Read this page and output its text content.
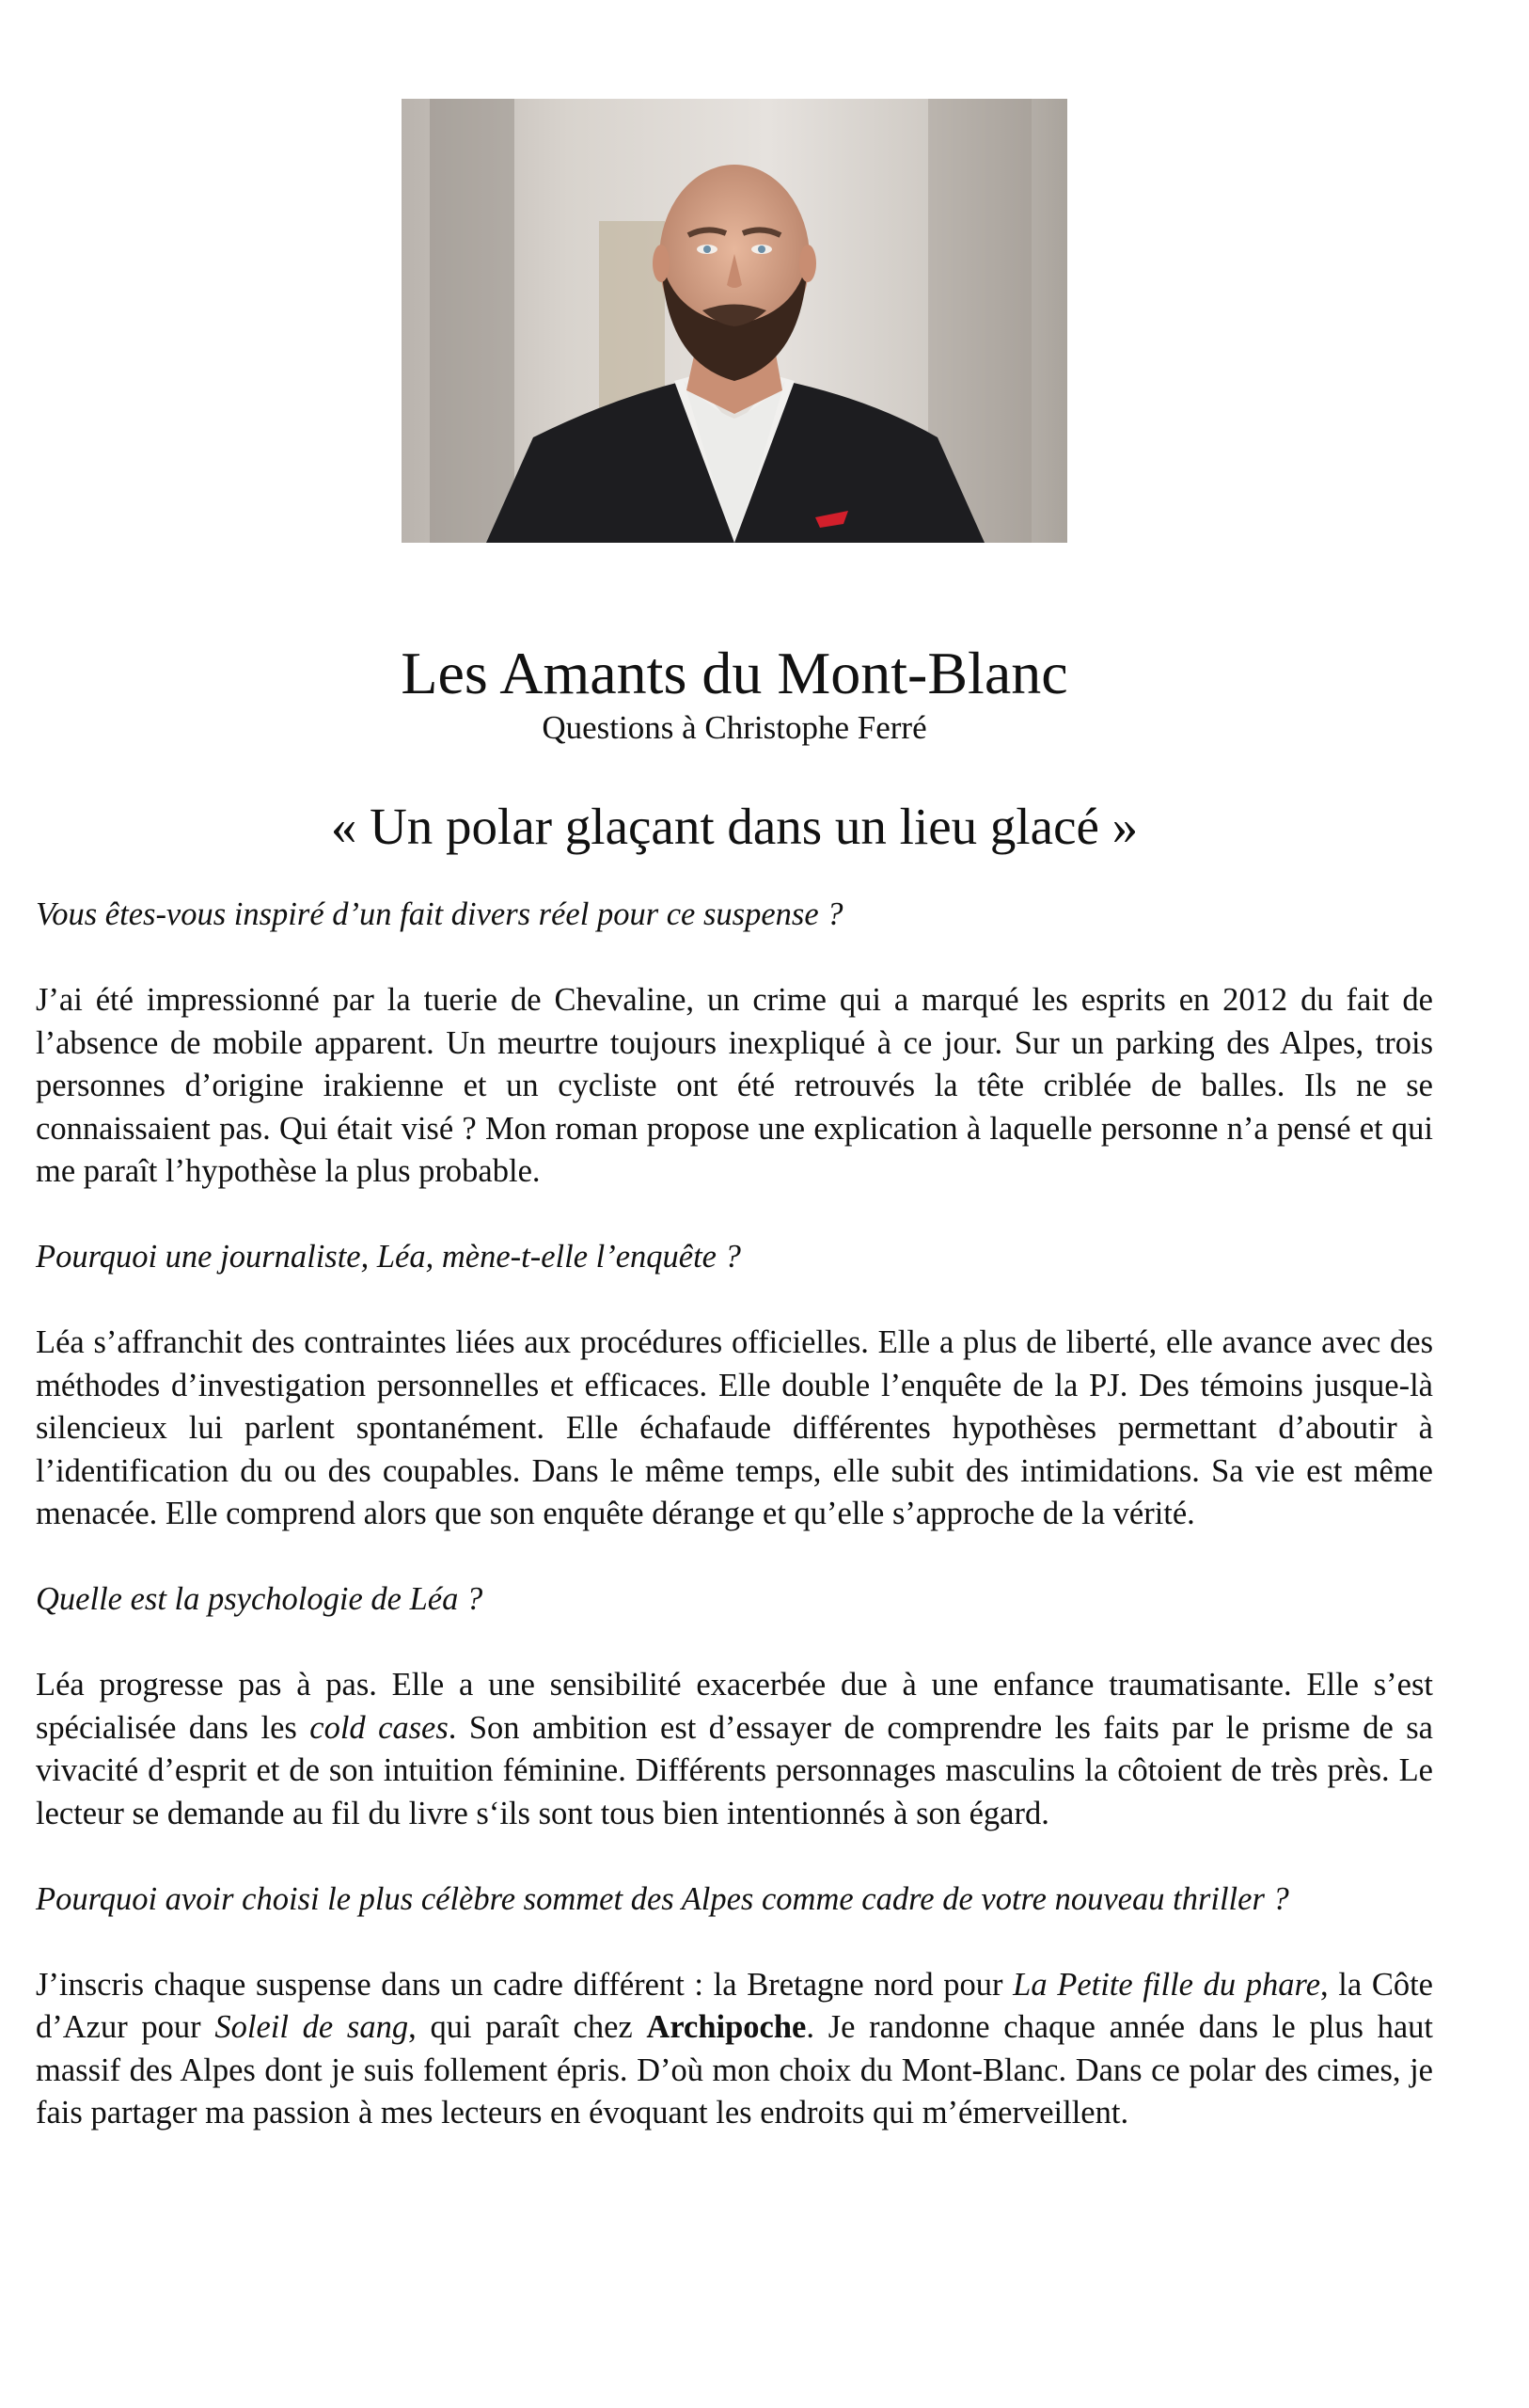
Les Amants du Mont-Blanc
Questions à Christophe Ferré
« Un polar glaçant dans un lieu glacé »

Vous êtes-vous inspiré d’un fait divers réel pour ce suspense ?

J’ai été impressionné par la tuerie de Chevaline, un crime qui a marqué les esprits en 2012 du fait de l’absence de mobile apparent. Un meurtre toujours inexpliqué à ce jour. Sur un parking des Alpes, trois personnes d’origine irakienne et un cycliste ont été retrouvés la tête criblée de balles. Ils ne se connaissaient pas. Qui était visé ? Mon roman propose une explication à laquelle personne n’a pensé et qui me paraît l’hypothèse la plus probable.

Pourquoi une journaliste, Léa, mène-t-elle l’enquête ?

Léa s’affranchit des contraintes liées aux procédures officielles. Elle a plus de liberté, elle avance avec des méthodes d’investigation personnelles et efficaces. Elle double l’enquête de la PJ. Des témoins jusque-là silencieux lui parlent spontanément. Elle échafaude différentes hypothèses permettant d’aboutir à l’identification du ou des coupables. Dans le même temps, elle subit des intimidations. Sa vie est même menacée. Elle comprend alors que son enquête dérange et qu’elle s’approche de la vérité.

Quelle est la psychologie de Léa ?

Léa progresse pas à pas. Elle a une sensibilité exacerbée due à une enfance traumatisante. Elle s’est spécialisée dans les cold cases. Son ambition est d’essayer de comprendre les faits par le prisme de sa vivacité d’esprit et de son intuition féminine. Différents personnages masculins la côtoient de très près. Le lecteur se demande au fil du livre s‘ils sont tous bien intentionnés à son égard.

Pourquoi avoir choisi le plus célèbre sommet des Alpes comme cadre de votre nouveau thriller ?

J’inscris chaque suspense dans un cadre différent : la Bretagne nord pour La Petite fille du phare, la Côte d’Azur pour Soleil de sang, qui paraît chez Archipoche. Je randonne chaque année dans le plus haut massif des Alpes dont je suis follement épris. D’où mon choix du Mont-Blanc. Dans ce polar des cimes, je fais partager ma passion à mes lecteurs en évoquant les endroits qui m’émerveillent.
